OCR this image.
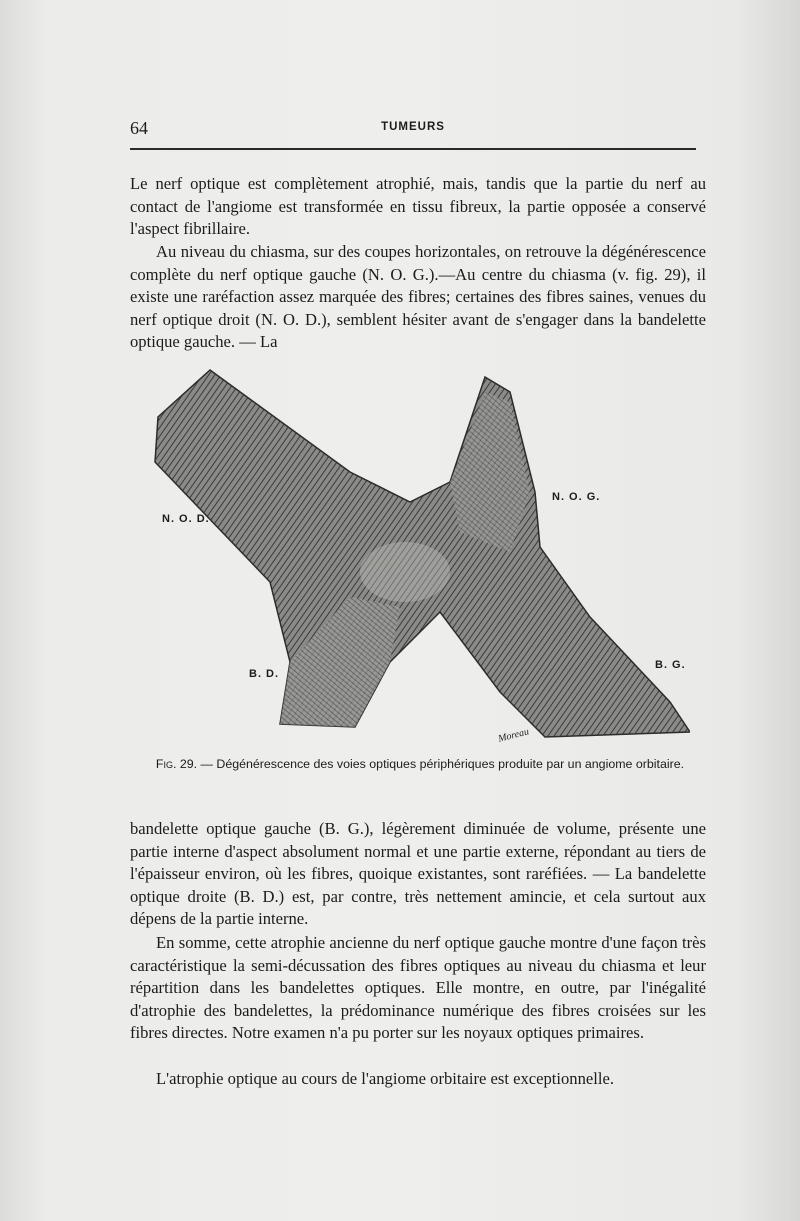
64	TUMEURS

Le nerf optique est complètement atrophié, mais, tandis que la partie du nerf au contact de l'angiome est transformée en tissu fibreux, la partie opposée a conservé l'aspect fibrillaire.

Au niveau du chiasma, sur des coupes horizontales, on retrouve la dégénérescence complète du nerf optique gauche (N. O. G.).—Au centre du chiasma (v. fig. 29), il existe une raréfaction assez marquée des fibres; certaines des fibres saines, venues du nerf optique droit (N. O. D.), semblent hésiter avant de s'engager dans la bandelette optique gauche. — La

N. O. D.
N. O. G.
B. D.
B. G.
Moreau
Fig. 29. — Dégénérescence des voies optiques périphériques produite par un angiome orbitaire.

bandelette optique gauche (B. G.), légèrement diminuée de volume, présente une partie interne d'aspect absolument normal et une partie externe, répondant au tiers de l'épaisseur environ, où les fibres, quoique existantes, sont raréfiées. — La bandelette optique droite (B. D.) est, par contre, très nettement amincie, et cela surtout aux dépens de la partie interne.

En somme, cette atrophie ancienne du nerf optique gauche montre d'une façon très caractéristique la semi-décussation des fibres optiques au niveau du chiasma et leur répartition dans les bandelettes optiques. Elle montre, en outre, par l'inégalité d'atrophie des bandelettes, la prédominance numérique des fibres croisées sur les fibres directes. Notre examen n'a pu porter sur les noyaux optiques primaires.

L'atrophie optique au cours de l'angiome orbitaire est exceptionnelle.
